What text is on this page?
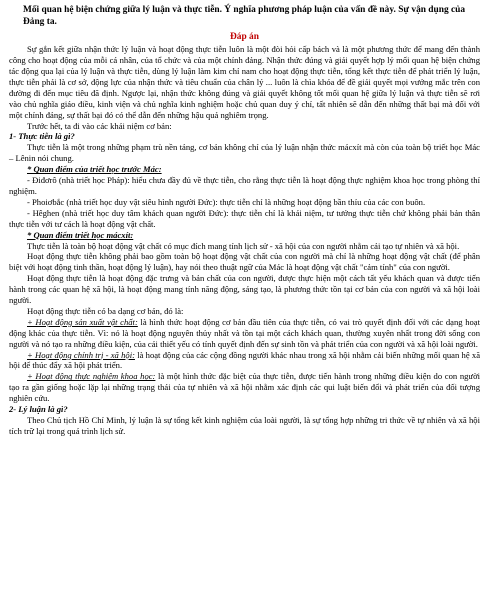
Mối quan hệ biện chứng giữa lý luận và thực tiễn. Ý nghĩa phương pháp luận của vấn đề này. Sự vận dụng của Đảng ta.

Đáp án

Sự gắn kết giữa nhận thức lý luận và hoạt động thực tiễn luôn là một đòi hỏi cấp bách và là một phương thức để mang đến thành công cho hoạt động của mỗi cá nhân, của tổ chức và của một chính đảng. Nhận thức đúng và giải quyết hợp lý mối quan hệ biện chứng tác động qua lại của lý luận và thực tiễn, dùng lý luận làm kim chỉ nam cho hoạt động thực tiễn, tổng kết thực tiễn để phát triển lý luận, thực tiễn phải là cơ sở, động lực của nhận thức và tiêu chuẩn của chân lý ... luôn là chìa khóa để đề giải quyết mọi vướng mắc trên con đường đi đến mục tiêu đã định. Ngược lại, nhận thức không đúng và giải quyết không tốt mối quan hệ giữa lý luận và thực tiễn sẽ rơi vào chủ nghĩa giáo điều, kinh viện và chủ nghĩa kinh nghiệm hoặc chủ quan duy ý chí, tất nhiên sẽ dẫn đến những thất bại mà đối với một chính đảng, sự thất bại đó có thể dẫn đến những hậu quả nghiêm trọng.

Trước hết, ta đi vào các khái niệm cơ bản:

1- Thực tiễn là gì?

Thực tiễn là một trong những phạm trù nền tảng, cơ bản không chỉ của lý luận nhận thức mácxít mà còn của toàn bộ triết học Mác – Lênin nói chung.

* Quan điểm của triết học trước Mác:

- Điđơrô (nhà triết học Pháp): hiểu chưa đầy đủ về thực tiễn, cho rằng thực tiễn là hoạt động thực nghiệm khoa học trong phòng thí nghiệm.

- Phoiơbắc (nhà triết học duy vật siêu hình người Đức): thực tiễn chỉ là những hoạt động bần thỉu của các con buôn.

- Hêghen (nhà triết học duy tâm khách quan người Đức): thực tiễn chỉ là khái niệm, tư tưởng thực tiễn chứ không phải bản thân thực tiễn với tư cách là hoạt động vật chất.

* Quan điểm triết học mácxít:

Thực tiễn là toàn bộ hoạt động vật chất có mục đích mang tính lịch sử - xã hội của con người nhằm cải tạo tự nhiên và xã hội.

Hoạt động thực tiễn không phải bao gồm toàn bộ hoạt động vật chất của con người mà chỉ là những hoạt động vật chất (để phân biệt với hoạt động tinh thần, hoạt động lý luận), hay nói theo thuật ngữ của Mác là hoạt động vật chất "cảm tính" của con người.

Hoạt động thực tiễn là hoạt động đặc trưng và bản chất của con người, được thực hiện một cách tất yếu khách quan và được tiến hành trong các quan hệ xã hội, là hoạt động mang tính năng động, sáng tạo, là phương thức tồn tại cơ bản của con người và xã hội loài người.

Hoạt động thực tiễn có ba dạng cơ bản, đó là:

+ Hoạt động sản xuất vật chất: là hình thức hoạt động cơ bản đầu tiên của thực tiễn, có vai trò quyết định đối với các dạng hoạt động khác của thực tiễn. Vì: nó là hoạt động nguyên thủy nhất và tồn tại một cách khách quan, thường xuyên nhất trong đời sống con người và nó tạo ra những điều kiện, của cải thiết yếu có tính quyết định đến sự sinh tồn và phát triển của con người và xã hội loài người.

+ Hoạt động chính trị - xã hội: là hoạt động của các cộng đồng người khác nhau trong xã hội nhằm cải biến những mối quan hệ xã hội để thúc đẩy xã hội phát triển.

+ Hoạt động thực nghiệm khoa học: là một hình thức đặc biệt của thực tiễn, được tiến hành trong những điều kiện do con người tạo ra gần giống hoặc lặp lại những trạng thái của tự nhiên và xã hội nhằm xác định các qui luật biến đổi và phát triển của đối tượng nghiên cứu.

2- Lý luận là gì?

Theo Chủ tịch Hồ Chí Minh, lý luận là sự tổng kết kinh nghiệm của loài người, là sự tổng hợp những tri thức về tự nhiên và xã hội tích trữ lại trong quá trình lịch sử.
